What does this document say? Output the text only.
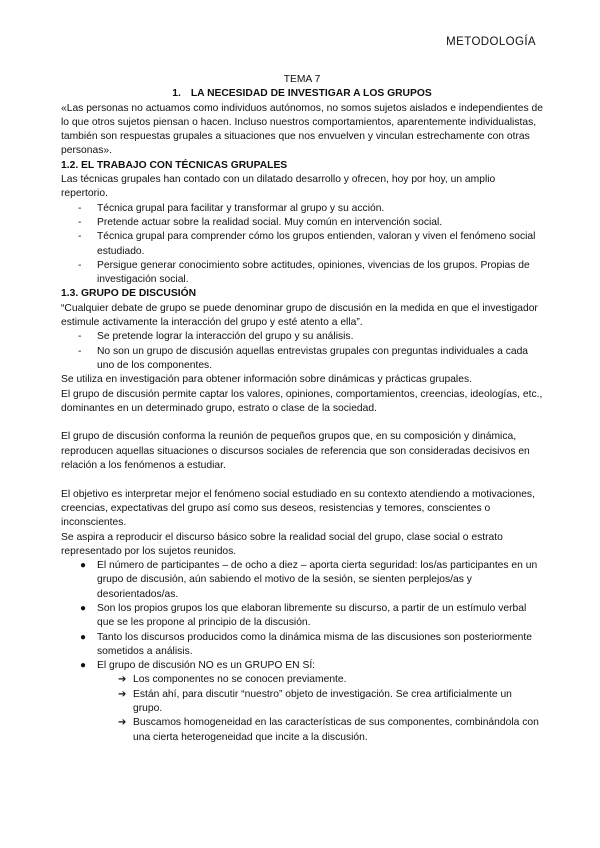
METODOLOGÍA

TEMA 7

1. LA NECESIDAD DE INVESTIGAR A LOS GRUPOS

«Las personas no actuamos como individuos autónomos, no somos sujetos aislados e independientes de lo que otros sujetos piensan o hacen. Incluso nuestros comportamientos, aparentemente individualistas, también son respuestas grupales a situaciones que nos envuelven y vinculan estrechamente con otras personas».

1.2. EL TRABAJO CON TÉCNICAS GRUPALES

Las técnicas grupales han contado con un dilatado desarrollo y ofrecen, hoy por hoy, un amplio repertorio.

- Técnica grupal para facilitar y transformar al grupo y su acción.
- Pretende actuar sobre la realidad social. Muy común en intervención social.
- Técnica grupal para comprender cómo los grupos entienden, valoran y viven el fenómeno social estudiado.
- Persigue generar conocimiento sobre actitudes, opiniones, vivencias de los grupos. Propias de investigación social.

1.3. GRUPO DE DISCUSIÓN

“Cualquier debate de grupo se puede denominar grupo de discusión en la medida en que el investigador estimule activamente la interacción del grupo y esté atento a ella”.

- Se pretende lograr la interacción del grupo y su análisis.
- No son un grupo de discusión aquellas entrevistas grupales con preguntas individuales a cada uno de los componentes.

Se utiliza en investigación para obtener información sobre dinámicas y prácticas grupales.

El grupo de discusión permite captar los valores, opiniones, comportamientos, creencias, ideologías, etc., dominantes en un determinado grupo, estrato o clase de la sociedad.

El grupo de discusión conforma la reunión de pequeños grupos que, en su composición y dinámica, reproducen aquellas situaciones o discursos sociales de referencia que son consideradas decisivos en relación a los fenómenos a estudiar.

El objetivo es interpretar mejor el fenómeno social estudiado en su contexto atendiendo a motivaciones, creencias, expectativas del grupo así como sus deseos, resistencias y temores, conscientes o inconscientes.

Se aspira a reproducir el discurso básico sobre la realidad social del grupo, clase social o estrato representado por los sujetos reunidos.

● El número de participantes – de ocho a diez – aporta cierta seguridad: los/as participantes en un grupo de discusión, aún sabiendo el motivo de la sesión, se sienten perplejos/as y desorientados/as.
● Son los propios grupos los que elaboran libremente su discurso, a partir de un estímulo verbal que se les propone al principio de la discusión.
● Tanto los discursos producidos como la dinámica misma de las discusiones son posteriormente sometidos a análisis.
● El grupo de discusión NO es un GRUPO EN SÍ:
➔ Los componentes no se conocen previamente.
➔ Están ahí, para discutir “nuestro” objeto de investigación. Se crea artificialmente un grupo.
➔ Buscamos homogeneidad en las características de sus componentes, combinándola con una cierta heterogeneidad que incite a la discusión.
